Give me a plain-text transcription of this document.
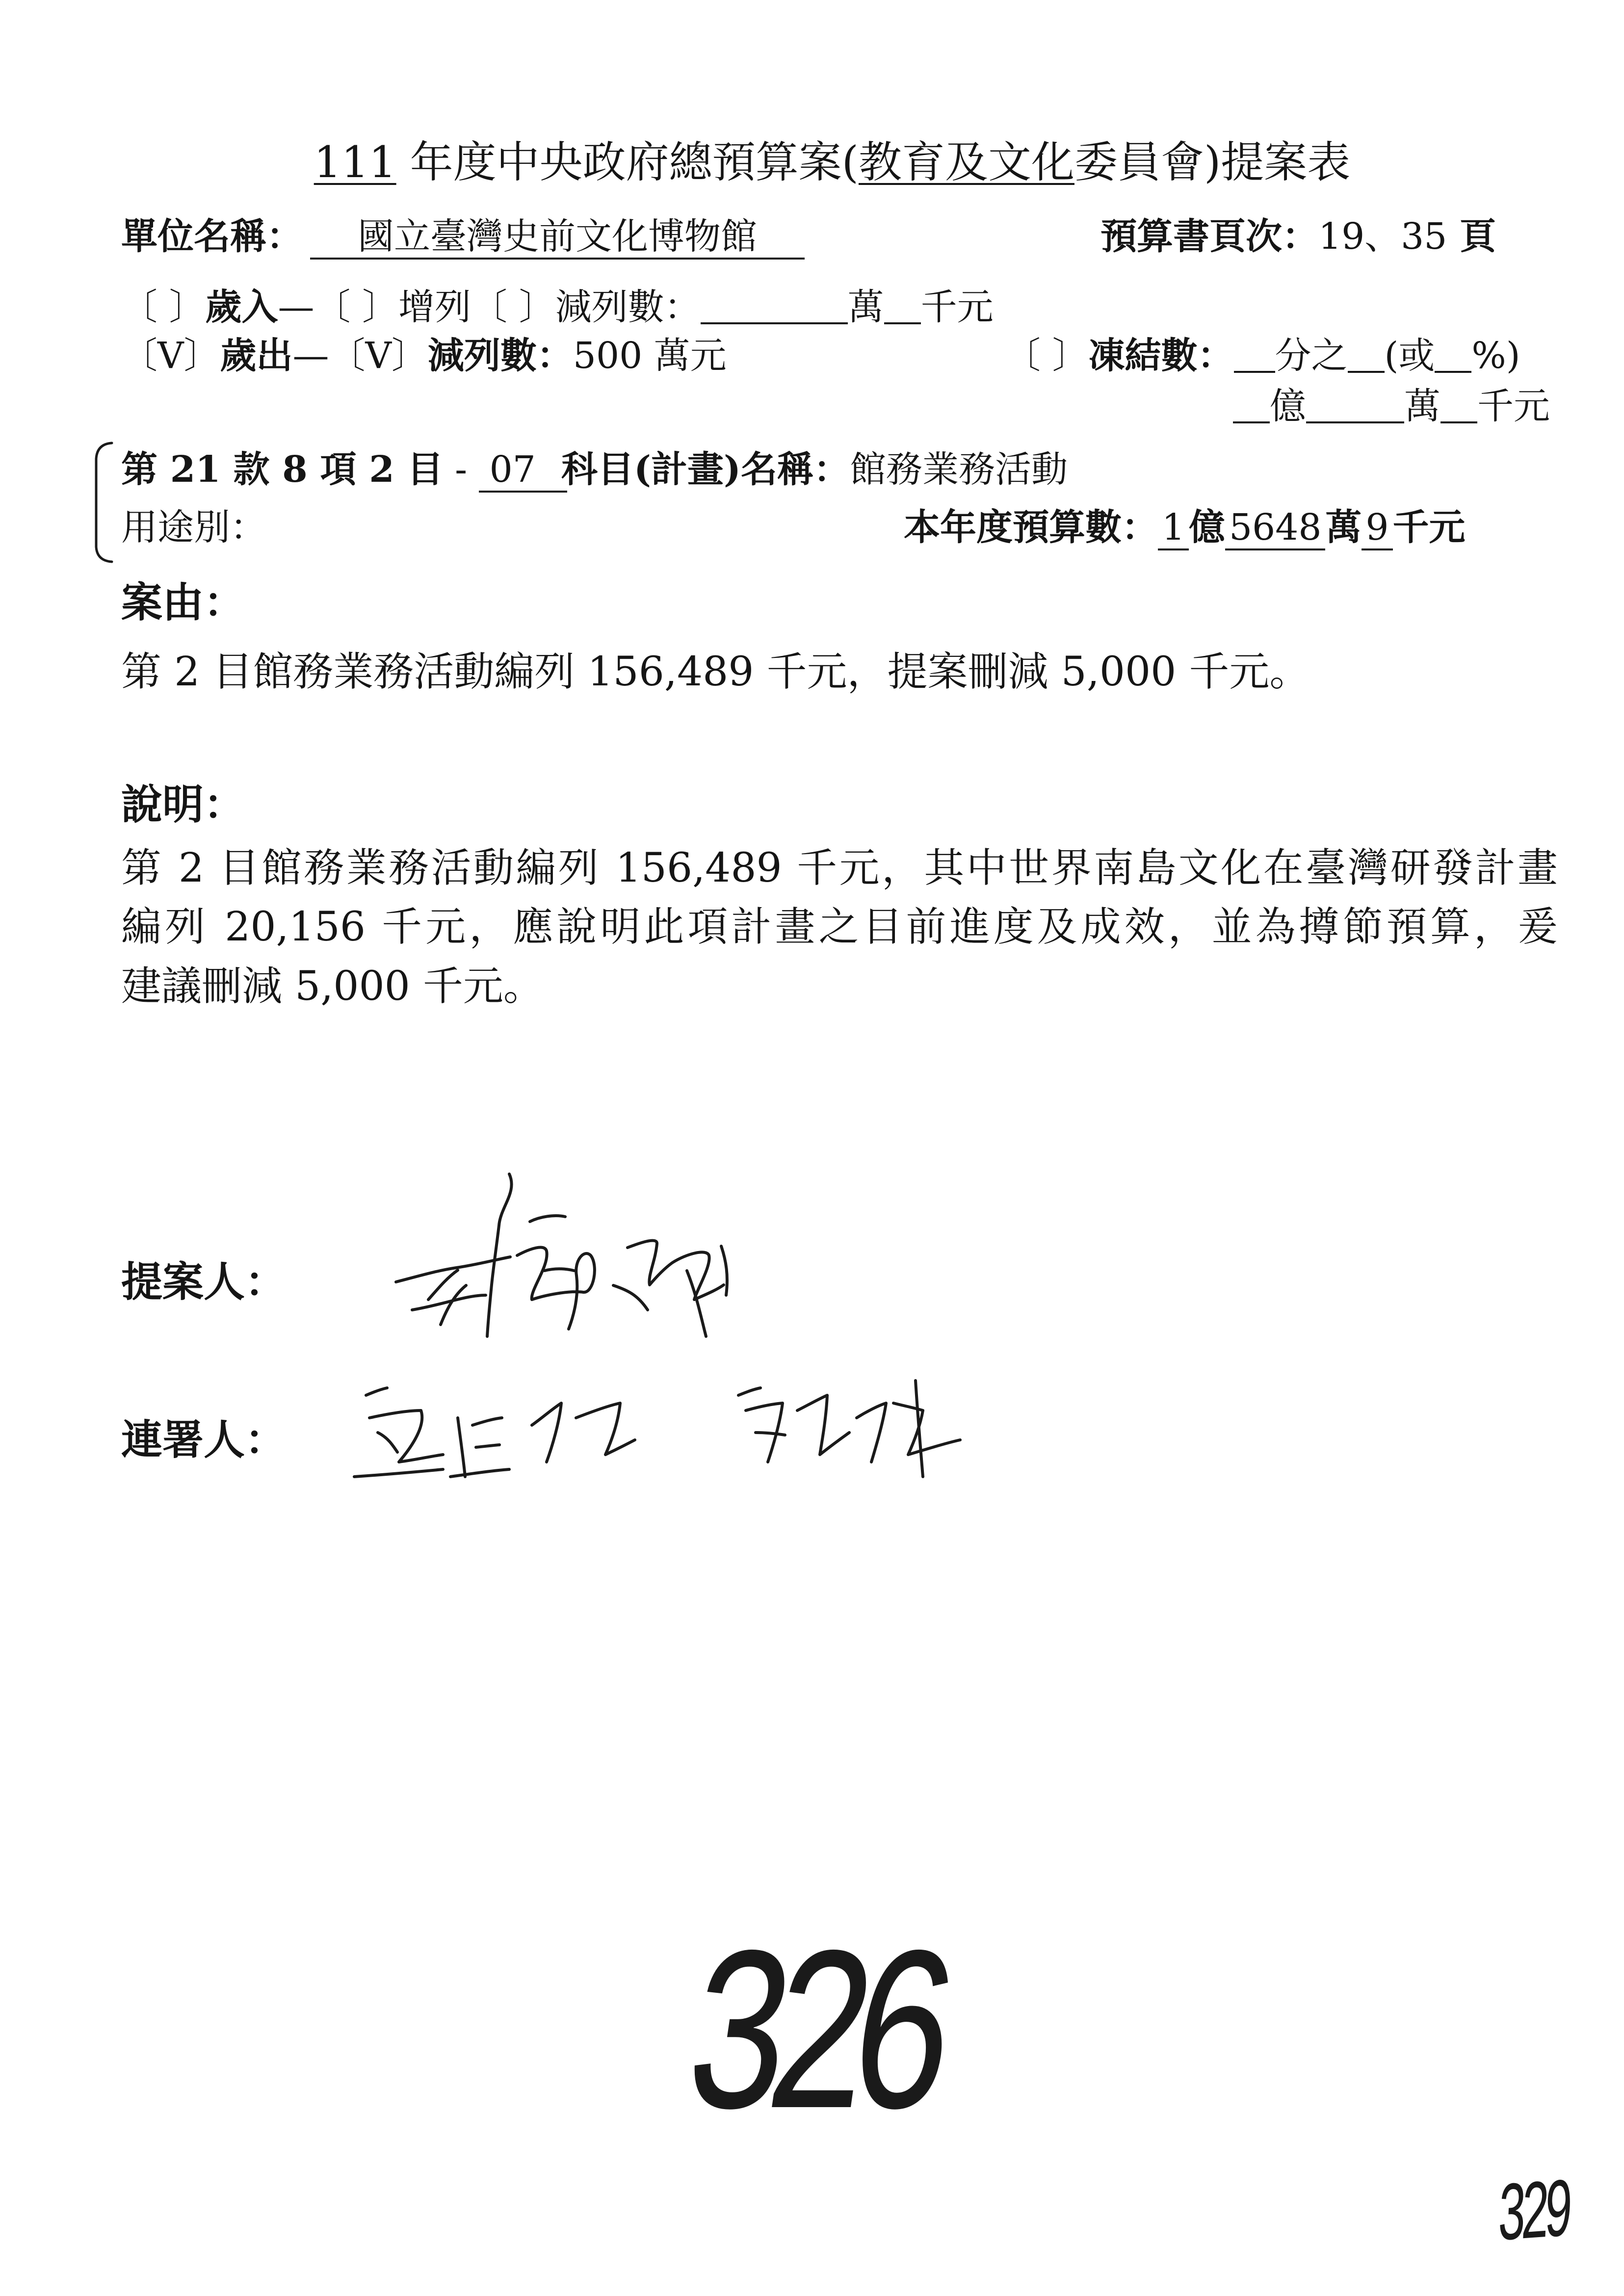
111 年度中央政府總預算案(教育及文化委員會)提案表
單位名稱：	國立臺灣史前文化博物館	預算書頁次：19、35 頁
〔 〕歲入—〔 〕增列〔 〕減列數：	萬 千元
〔V〕歲出—〔V〕減列數：500 萬元	〔 〕凍結數： 分之 (或 %)
億	萬 千元
第 21 款 8 項 2 目 - 07 科目(計畫)名稱：館務業務活動
用途別：	本年度預算數： 1 億 5648 萬 9 千元
案由：
第 2 目館務業務活動編列 156,489 千元，提案刪減 5,000 千元。
說明：
第 2 目館務業務活動編列 156,489 千元，其中世界南島文化在臺灣研發計畫
編列 20,156 千元，應說明此項計畫之目前進度及成效，並為撙節預算，爰
建議刪減 5,000 千元。
提案人：
連署人：
326
329
